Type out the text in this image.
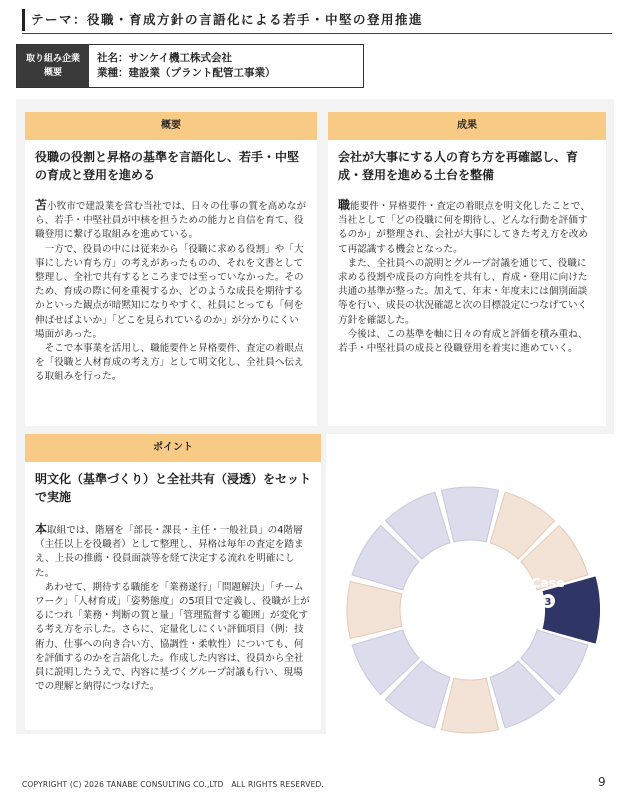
テーマ：役職・育成方針の言語化による若手・中堅の登用推進
取り組み企業
概要
社名：サンケイ機工株式会社
業種：建設業（プラント配管工事業）
概要
役職の役割と昇格の基準を言語化し、若手・中堅の育成と登用を進める

苫小牧市で建設業を営む当社では、日々の仕事の質を高めながら、若手・中堅社員が中核を担うための能力と自信を育て、役職登用に繋げる取組みを進めている。

一方で、役員の中には従来から「役職に求める役割」や「大事にしたい育ち方」の考えがあったものの、それを文書として整理し、全社で共有するところまでは至っていなかった。そのため、育成の際に何を重視するか、どのような成長を期待するかといった観点が暗黙知になりやすく、社員にとっても「何を伸ばせばよいか」「どこを見られているのか」が分かりにくい場面があった。

そこで本事業を活用し、職能要件と昇格要件、査定の着眼点を「役職と人材育成の考え方」として明文化し、全社員へ伝える取組みを行った。

成果
会社が大事にする人の育ち方を再確認し、育成・登用を進める土台を整備

職能要件・昇格要件・査定の着眼点を明文化したことで、当社として「どの役職に何を期待し、どんな行動を評価するのか」が整理され、会社が大事にしてきた考え方を改めて再認識する機会となった。

また、全社員への説明とグループ討議を通じて、役職に求める役割や成長の方向性を共有し、育成・登用に向けた共通の基準が整った。加えて、年末・年度末には個別面談等を行い、成長の状況確認と次の目標設定につなげていく方針を確認した。

今後は、この基準を軸に日々の育成と評価を積み重ね、若手・中堅社員の成長と役職登用を着実に進めていく。

ポイント
明文化（基準づくり）と全社共有（浸透）をセットで実施

本取組では、階層を「部長・課長・主任・一般社員」の4階層（主任以上を役職者）として整理し、昇格は毎年の査定を踏まえ、上長の推薦・役員面談等を経て決定する流れを明確にした。

あわせて、期待する職能を「業務遂行」「問題解決」「チームワーク」「人材育成」「姿勢態度」の5項目で定義し、役職が上がるにつれ「業務・判断の質と量」「管理監督する範囲」が変化する考え方を示した。さらに、定量化しにくい評価項目（例：技術力、仕事への向き合い方、協調性・柔軟性）についても、何を評価するのかを言語化した。作成した内容は、役員から全社員に説明したうえで、内容に基づくグループ討議も行い、現場での理解と納得につなげた。

Case
3
COPYRIGHT (C) 2026 TANABE CONSULTING CO.,LTD　ALL RIGHTS RESERVED.	9
